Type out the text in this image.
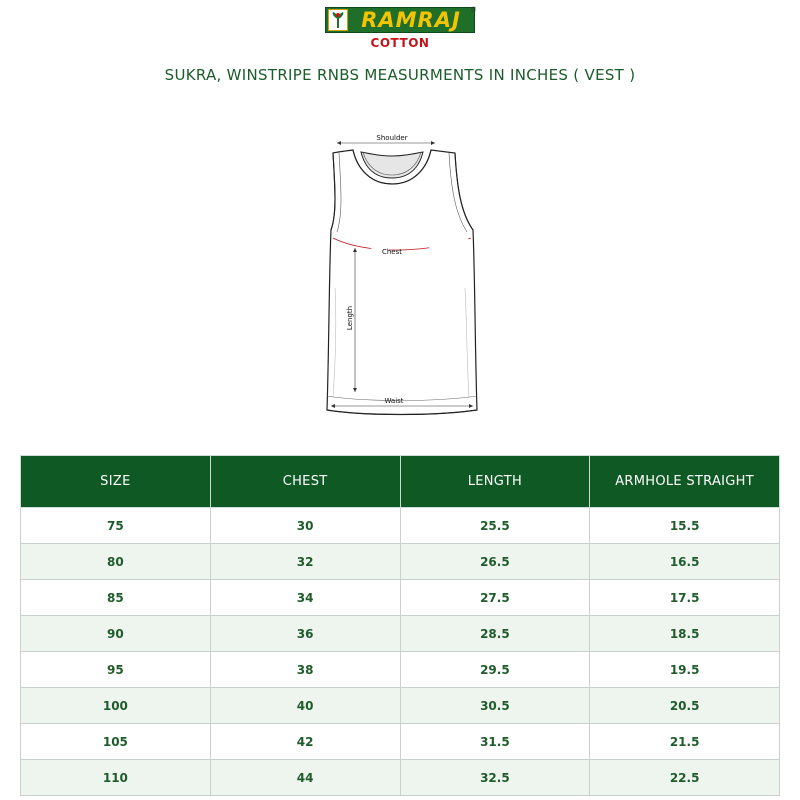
RAMRAJ	®
COTTON
SUKRA, WINSTRIPE RNBS MEASURMENTS IN INCHES ( VEST )
Shoulder
Chest
Length
Waist
SIZE	CHEST	LENGTH	ARMHOLE STRAIGHT
75	30	25.5	15.5
80	32	26.5	16.5
85	34	27.5	17.5
90	36	28.5	18.5
95	38	29.5	19.5
100	40	30.5	20.5
105	42	31.5	21.5
110	44	32.5	22.5
